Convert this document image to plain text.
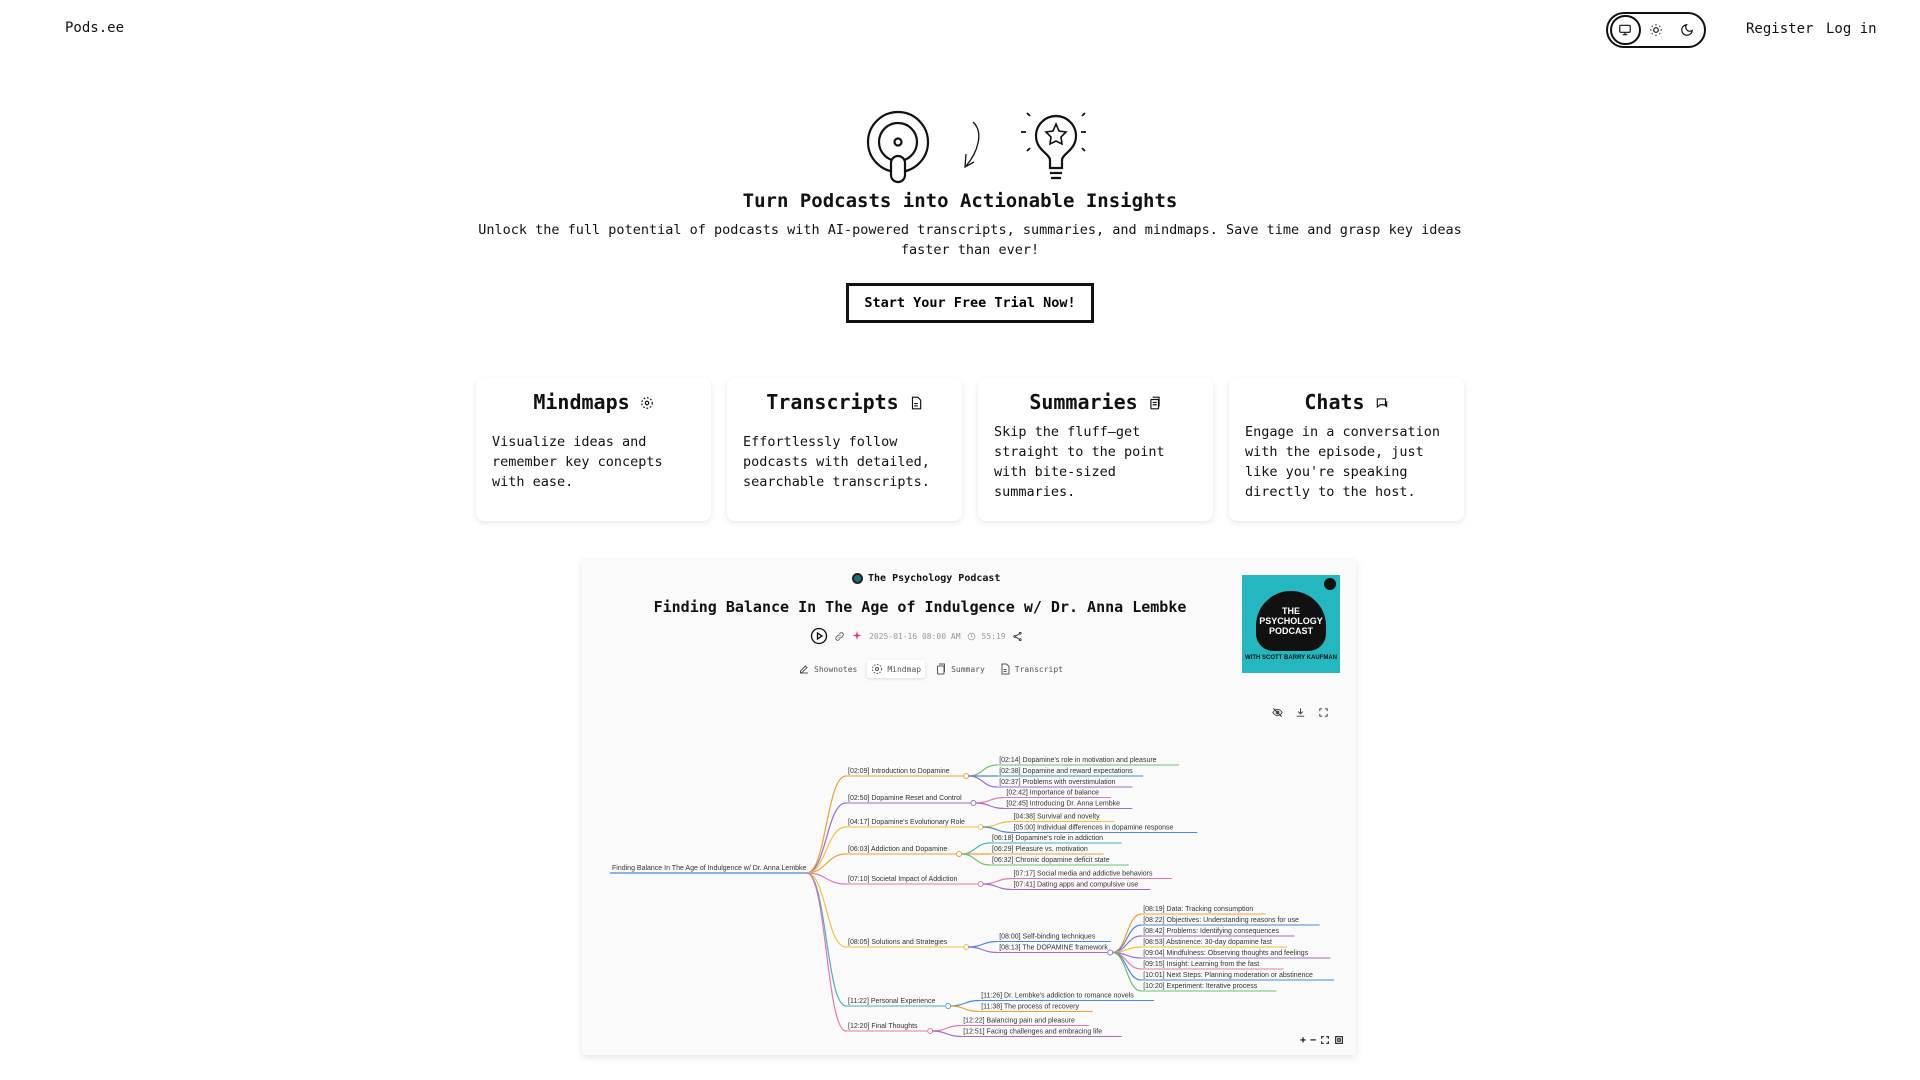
Pods.ee	Register Log in
Turn Podcasts into Actionable Insights
Unlock the full potential of podcasts with AI-powered transcripts, summaries, and mindmaps. Save time and grasp key ideas faster than ever!
Start Your Free Trial Now!
Mindmaps
Visualize ideas and remember key concepts with ease.
Transcripts
Effortlessly follow podcasts with detailed, searchable transcripts.
Summaries
Skip the fluff—get straight to the point with bite-sized summaries.
Chats
Engage in a conversation with the episode, just like you're speaking directly to the host.
The Psychology Podcast
Finding Balance In The Age of Indulgence w/ Dr. Anna Lembke
2025-01-16 08:00 AM	55:19
Shownotes	Mindmap	Summary	Transcript
THE
PSYCHOLOGY
PODCAST
WITH SCOTT BARRY KAUFMAN
Finding Balance In The Age of Indulgence w/ Dr. Anna Lembke
[02:09] Introduction to Dopamine
[02:14] Dopamine's role in motivation and pleasure
[02:38] Dopamine and reward expectations
[02:37] Problems with overstimulation
[02:50] Dopamine Reset and Control
[02:42] Importance of balance
[02:45] Introducing Dr. Anna Lembke
[04:17] Dopamine's Evolutionary Role
[04:38] Survival and novelty
[05:00] Individual differences in dopamine response
[06:03] Addiction and Dopamine
[06:18] Dopamine's role in addiction
[06:29] Pleasure vs. motivation
[06:32] Chronic dopamine deficit state
[07:10] Societal Impact of Addiction
[07:17] Social media and addictive behaviors
[07:41] Dating apps and compulsive use
[08:05] Solutions and Strategies
[08:00] Self-binding techniques
[08:13] The DOPAMINE framework
[08:19] Data: Tracking consumption
[08:22] Objectives: Understanding reasons for use
[08:42] Problems: Identifying consequences
[08:53] Abstinence: 30-day dopamine fast
[09:04] Mindfulness: Observing thoughts and feelings
[09:15] Insight: Learning from the fast
[10:01] Next Steps: Planning moderation or abstinence
[10:20] Experiment: Iterative process
[11:22] Personal Experience
[11:26] Dr. Lembke's addiction to romance novels
[11:38] The process of recovery
[12:20] Final Thoughts
[12:22] Balancing pain and pleasure
[12:51] Facing challenges and embracing life
+ −
